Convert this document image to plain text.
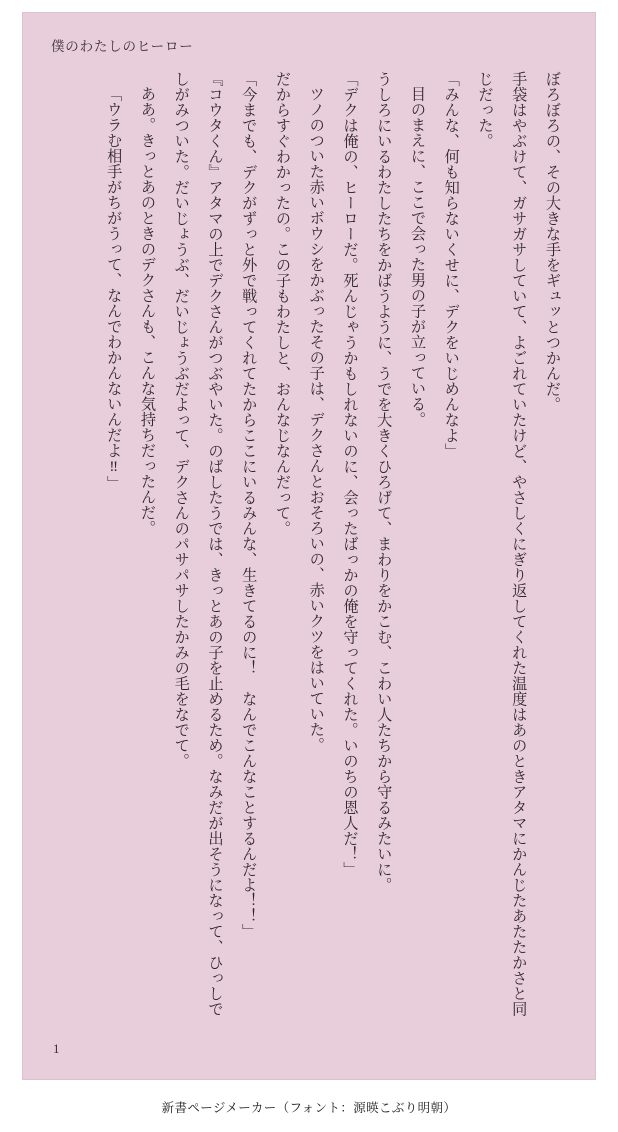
僕のわたしのヒーロー

ぼろぼろの、その大きな手をギュッとつかんだ。

手袋はやぶけて、ガサガサしていて、よごれていたけど、やさしくにぎり返してくれた温度はあのときアタマにかんじたあたたかさと同じだった。

「みんな、何も知らないくせに、デクをいじめんなよ」

目のまえに、ここで会った男の子が立っている。

うしろにいるわたしたちをかばうように、うでを大きくひろげて、まわりをかこむ、こわい人たちから守るみたいに。

「デクは俺の、ヒーローだ。死んじゃうかもしれないのに、会ったばっかの俺を守ってくれた。いのちの恩人だ！」

ツノのついた赤いボウシをかぶったその子は、デクさんとおそろいの、赤いクツをはいていた。

だからすぐわかったの。この子もわたしと、おんなじなんだって。

「今までも、デクがずっと外で戦ってくれてたからここにいるみんな、生きてるのに！　なんでこんなことするんだよ！！」

『コウタくん』アタマの上でデクさんがつぶやいた。のばしたうでは、きっとあの子を止めるため。なみだが出そうになって、ひっしでしがみついた。だいじょうぶ、だいじょうぶだよって、デクさんのパサパサしたかみの毛をなでて。

ああ。きっとあのときのデクさんも、こんな気持ちだったんだ。

「ウラむ相手がちがうって、なんでわかんないんだよ‼」

1
新書ページメーカー（フォント：源暎こぶり明朝）
